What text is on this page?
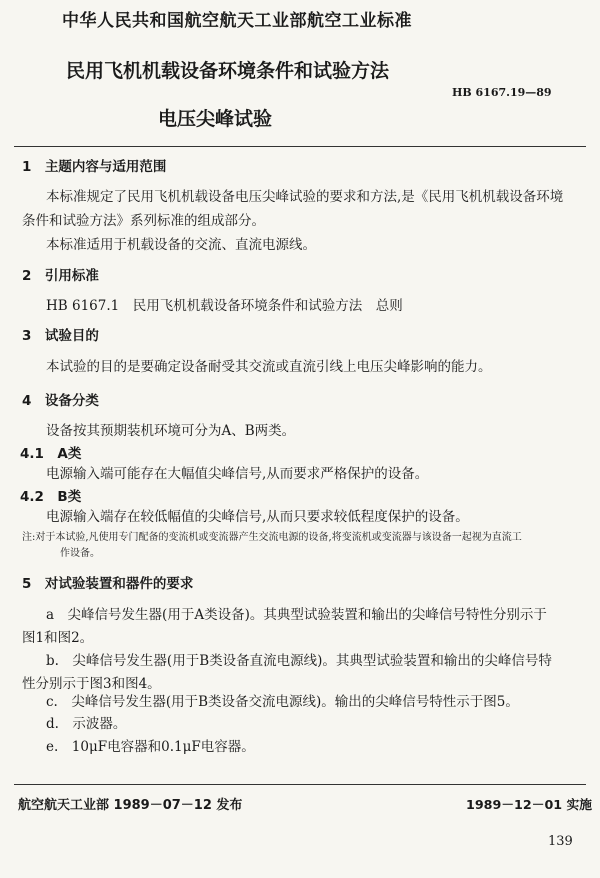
中华人民共和国航空航天工业部航空工业标准
民用飞机机载设备环境条件和试验方法
HB 6167.19—89
电压尖峰试验
1　主题内容与适用范围
本标准规定了民用飞机机载设备电压尖峰试验的要求和方法,是《民用飞机机载设备环境
条件和试验方法》系列标准的组成部分。
本标准适用于机载设备的交流、直流电源线。
2　引用标准
HB 6167.1　民用飞机机载设备环境条件和试验方法　总则
3　试验目的
本试验的目的是要确定设备耐受其交流或直流引线上电压尖峰影响的能力。
4　设备分类
设备按其预期装机环境可分为A、B两类。
4.1　A类
电源输入端可能存在大幅值尖峰信号,从而要求严格保护的设备。
4.2　B类
电源输入端存在较低幅值的尖峰信号,从而只要求较低程度保护的设备。
注:对于本试验,凡使用专门配备的变流机或变流器产生交流电源的设备,将变流机或变流器与该设备一起视为直流工
作设备。
5　对试验装置和器件的要求
a　尖峰信号发生器(用于A类设备)。其典型试验装置和输出的尖峰信号特性分别示于
图1和图2。
b.　尖峰信号发生器(用于B类设备直流电源线)。其典型试验装置和输出的尖峰信号特
性分别示于图3和图4。
c.　尖峰信号发生器(用于B类设备交流电源线)。输出的尖峰信号特性示于图5。
d.　示波器。
e.　10μF电容器和0.1μF电容器。
航空航天工业部 1989－07－12 发布	1989－12－01 实施
139
